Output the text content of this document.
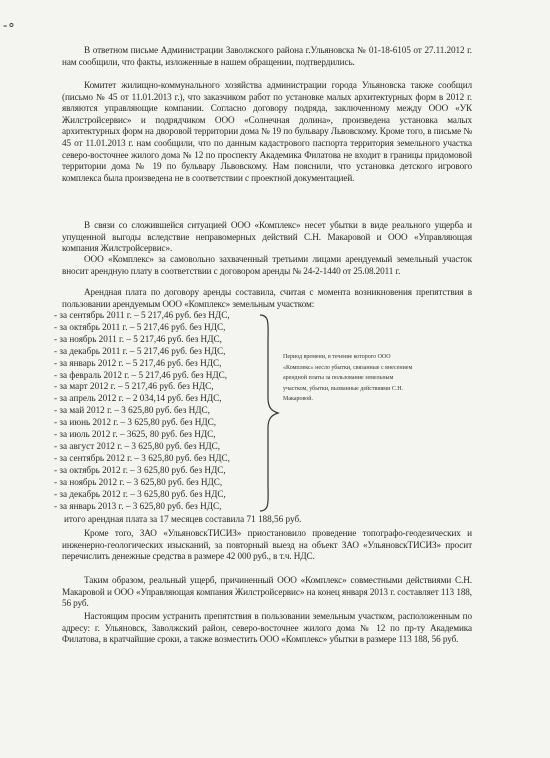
‐∘
В ответном письме Администрации Заволжского района г.Ульяновска № 01-18-6105 от 27.11.2012 г. нам сообщили, что факты, изложенные в нашем обращении, подтвердились.
Комитет жилищно-коммунального хозяйства администрации города Ульяновска также сообщил (письмо № 45 от 11.01.2013 г.), что заказчиком работ по установке малых архитектурных форм в 2012 г. являются управляющие компании. Согласно договору подряда, заключенному между ООО «УК Жилстройсервис» и подрядчиком ООО «Солнечная долина», произведена установка малых архитектурных форм на дворовой территории дома № 19 по бульвару Львовскому. Кроме того, в письме № 45 от 11.01.2013 г. нам сообщили, что по данным кадастрового паспорта территория земельного участка северо-восточнее жилого дома № 12 по проспекту Академика Филатова не входит в границы придомовой территории дома № 19 по бульвару Львовскому. Нам пояснили, что установка детского игрового комплекса была произведена не в соответствии с проектной документацией.
В связи со сложившейся ситуацией ООО «Комплекс» несет убытки в виде реального ущерба и упущенной выгоды вследствие неправомерных действий С.Н. Макаровой и ООО «Управляющая компания Жилстройсервис».
ООО «Комплекс» за самовольно захваченный третьими лицами арендуемый земельный участок вносит арендную плату в соответствии с договором аренды № 24-2-1440 от 25.08.2011 г.
Арендная плата по договору аренды составила, считая с момента возникновения препятствия в пользовании арендуемым ООО «Комплекс» земельным участком:
- за сентябрь 2011 г. – 5 217,46 руб. без НДС,
- за октябрь 2011 г. – 5 217,46 руб. без НДС,
- за ноябрь 2011 г. – 5 217,46 руб. без НДС,
- за декабрь 2011 г. – 5 217,46 руб. без НДС,
- за январь 2012 г. – 5 217,46 руб. без НДС,
- за февраль 2012 г. – 5 217,46 руб. без НДС,
- за март 2012 г. – 5 217,46 руб. без НДС,
- за апрель 2012 г. – 2 034,14 руб. без НДС,
- за май 2012 г. – 3 625,80 руб. без НДС,
- за июнь 2012 г. – 3 625,80 руб. без НДС,
- за июль 2012 г. – 3625, 80 руб. без НДС,
- за август 2012 г. – 3 625,80 руб. без НДС,
- за сентябрь 2012 г. – 3 625,80 руб. без НДС,
- за октябрь 2012 г. – 3 625,80 руб. без НДС,
- за ноябрь 2012 г. – 3 625,80 руб. без НДС,
- за декабрь 2012 г. – 3 625,80 руб. без НДС,
- за январь 2013 г. – 3 625,80 руб. без НДС,
Период времени, в течение которого ООО «Комплекс» несло убытки, связанные с внесением арендной платы за пользование земельным участком, убытки, вызванные действиями С.Н. Макаровой.
итого арендная плата за 17 месяцев составила 71 188,56 руб.
Кроме того, ЗАО «УльяновскТИСИЗ» приостановило проведение топографо-геодезических и инженерно-геологических изысканий, за повторный выезд на объект ЗАО «УльяновскТИСИЗ» просит перечислить денежные средства в размере 42 000 руб., в т.ч. НДС.
Таким образом, реальный ущерб, причиненный ООО «Комплекс» совместными действиями С.Н. Макаровой и ООО «Управляющая компания Жилстройсервис» на конец января 2013 г. составляет 113 188, 56 руб.
Настоящим просим устранить препятствия в пользовании земельным участком, расположенным по адресу: г. Ульяновск, Заволжский район, северо-восточнее жилого дома № 12 по пр-ту Академика Филатова, в кратчайшие сроки, а также возместить ООО «Комплекс» убытки в размере 113 188, 56 руб.
